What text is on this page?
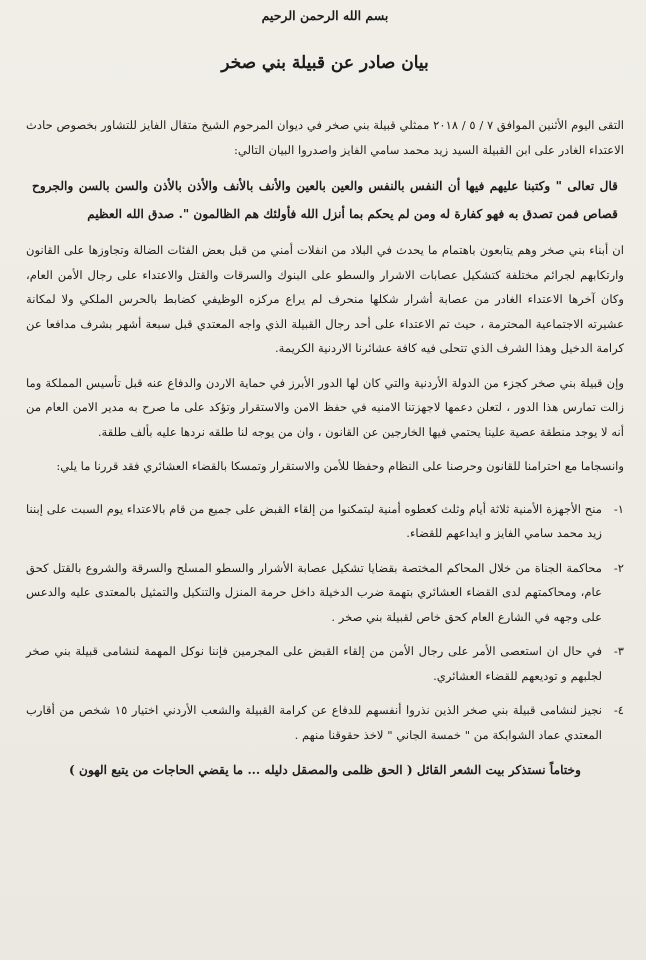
بسم الله الرحمن الرحيم
بيان صادر عن قبيلة بني صخر

التقى اليوم الأثنين الموافق ٧ / ٥ / ٢٠١٨ ممثلي قبيلة بني صخر في ديوان المرحوم الشيخ متقال الفايز للتشاور بخصوص حادث الاعتداء الغادر على ابن القبيلة السيد زيد محمد سامي الفايز واصدروا البيان التالي:

قال تعالى " وكتبنا عليهم فيها أن النفس بالنفس والعين بالعين والأنف بالأنف والأذن بالأذن والسن بالسن والجروح قصاص فمن تصدق به فهو كفارة له ومن لم يحكم بما أنزل الله فأولئك هم الظالمون ". صدق الله العظيم

ان أبناء بني صخر وهم يتابعون باهتمام ما يحدث في البلاد من انفلات أمني من قبل بعض الفئات الضالة وتجاوزها على القانون وارتكابهم لجرائم مختلفة كتشكيل عصابات الاشرار والسطو على البنوك والسرقات والقتل والاعتداء على رجال الأمن العام، وكان آخرها الاعتداء الغادر من عصابة أشرار شكلها منحرف لم يراع مركزه الوظيفي كضابط بالحرس الملكي ولا لمكانة عشيرته الاجتماعية المحترمة ، حيث تم الاعتداء على أحد رجال القبيلة الذي واجه المعتدي قبل سبعة أشهر بشرف مدافعا عن كرامة الدخيل وهذا الشرف الذي تتحلى فيه كافة عشائرنا الاردنية الكريمة.

وإن قبيلة بني صخر كجزء من الدولة الأردنية والتي كان لها الدور الأبرز في حماية الاردن والدفاع عنه قبل تأسيس المملكة وما زالت تمارس هذا الدور ، لتعلن دعمها لاجهزتنا الامنيه في حفظ الامن والاستقرار وتؤكد على ما صرح به مدير الامن العام من أنه لا يوجد منطقة عصية علينا يحتمي فيها الخارجين عن القانون ، وان من يوجه لنا طلقه نردها عليه بألف طلقة.

وانسجاما مع احترامنا للقانون وحرصنا على النظام وحفظا للأمن والاستقرار وتمسكا بالقضاء العشائري فقد قررنا ما يلي:

١-
منح الأجهزة الأمنية ثلاثة أيام وثلث كعطوه أمنية ليتمكنوا من إلقاء القبض على جميع من قام بالاعتداء يوم السبت على إبننا زيد محمد سامي الفايز و ايداعهم للقضاء.
٢-
محاكمة الجناة من خلال المحاكم المختصة بقضايا تشكيل عصابة الأشرار والسطو المسلح والسرقة والشروع بالقتل كحق عام، ومحاكمتهم لدى القضاء العشائري بتهمة ضرب الدخيلة داخل حرمة المنزل والتنكيل والتمثيل بالمعتدى عليه والدعس على وجهه في الشارع العام كحق خاص لقبيلة بني صخر .
٣-
في حال ان استعصى الأمر على رجال الأمن من إلقاء القبض على المجرمين فإننا نوكل المهمة لنشامى قبيلة بني صخر لجلبهم و توديعهم للقضاء العشائري.
٤-
نجيز لنشامى قبيلة بني صخر الذين نذروا أنفسهم للدفاع عن كرامة القبيلة والشعب الأردني اختيار ١٥ شخص من أقارب المعتدي عماد الشوابكة من " خمسة الجاني " لاخذ حقوقنا منهم .

وختاماً نستذكر بيت الشعر القائل ( الحق ظلمى والمصقل دليله ... ما يقضي الحاجات من يتبع الهون )
